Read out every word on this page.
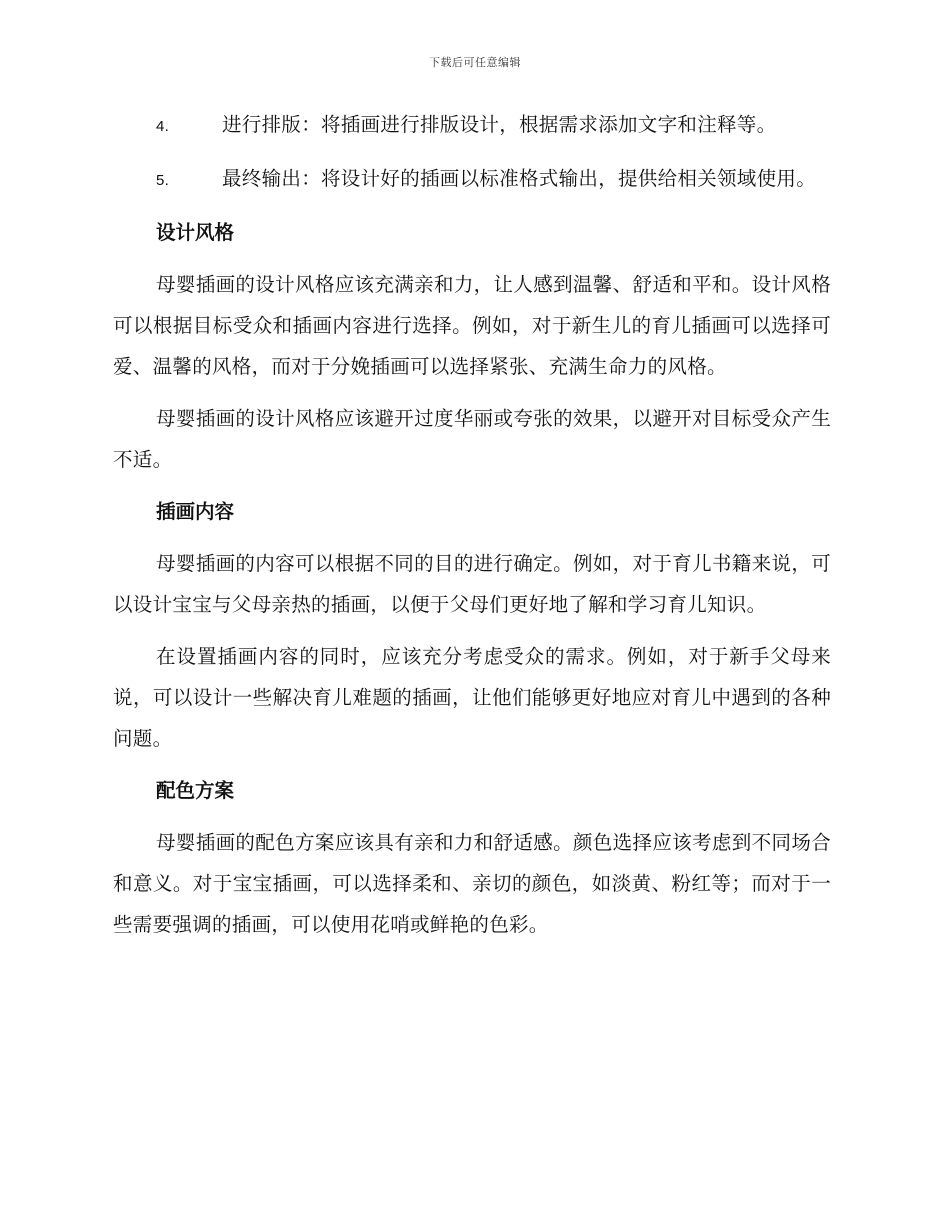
下载后可任意编辑

4.	进行排版：将插画进行排版设计，根据需求添加文字和注释等。

5.	最终输出：将设计好的插画以标准格式输出，提供给相关领域使用。

设计风格

母婴插画的设计风格应该充满亲和力，让人感到温馨、舒适和平和。设计风格可以根据目标受众和插画内容进行选择。例如，对于新生儿的育儿插画可以选择可爱、温馨的风格，而对于分娩插画可以选择紧张、充满生命力的风格。

母婴插画的设计风格应该避开过度华丽或夸张的效果，以避开对目标受众产生不适。

插画内容

母婴插画的内容可以根据不同的目的进行确定。例如，对于育儿书籍来说，可以设计宝宝与父母亲热的插画，以便于父母们更好地了解和学习育儿知识。

在设置插画内容的同时，应该充分考虑受众的需求。例如，对于新手父母来说，可以设计一些解决育儿难题的插画，让他们能够更好地应对育儿中遇到的各种问题。

配色方案

母婴插画的配色方案应该具有亲和力和舒适感。颜色选择应该考虑到不同场合和意义。对于宝宝插画，可以选择柔和、亲切的颜色，如淡黄、粉红等；而对于一些需要强调的插画，可以使用花哨或鲜艳的色彩。
